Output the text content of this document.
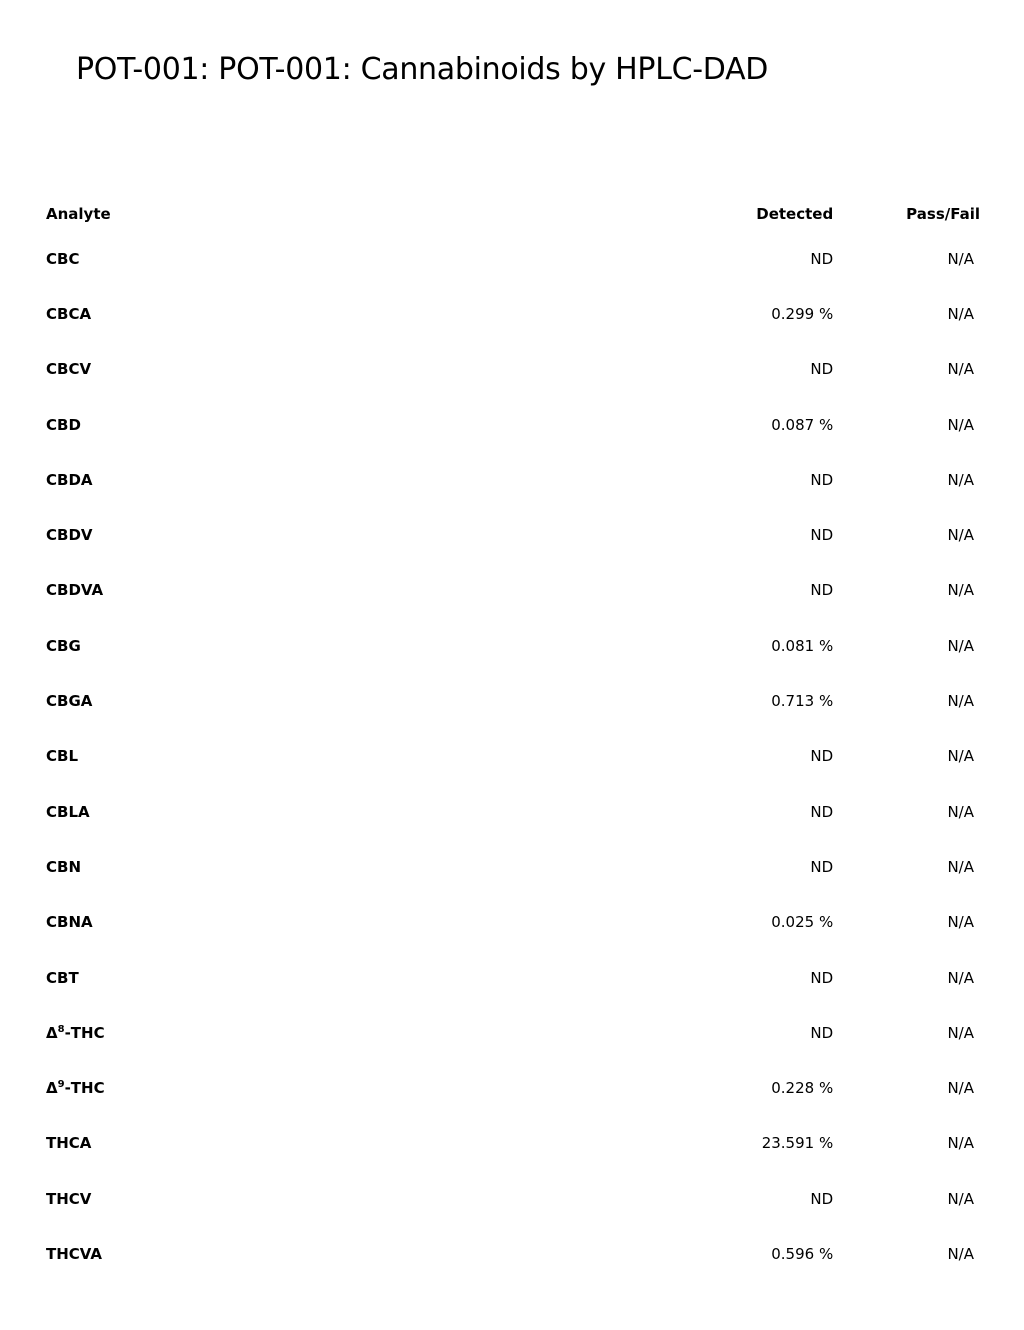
POT-001: POT-001: Cannabinoids by HPLC-DAD
Analyte	Detected	Pass/Fail
CBC	ND	N/A
CBCA	0.299 %	N/A
CBCV	ND	N/A
CBD	0.087 %	N/A
CBDA	ND	N/A
CBDV	ND	N/A
CBDVA	ND	N/A
CBG	0.081 %	N/A
CBGA	0.713 %	N/A
CBL	ND	N/A
CBLA	ND	N/A
CBN	ND	N/A
CBNA	0.025 %	N/A
CBT	ND	N/A
$\Delta^8$-THC	ND	N/A
$\Delta^9$-THC	0.228 %	N/A
THCA	23.591 %	N/A
THCV	ND	N/A
THCVA	0.596 %	N/A
